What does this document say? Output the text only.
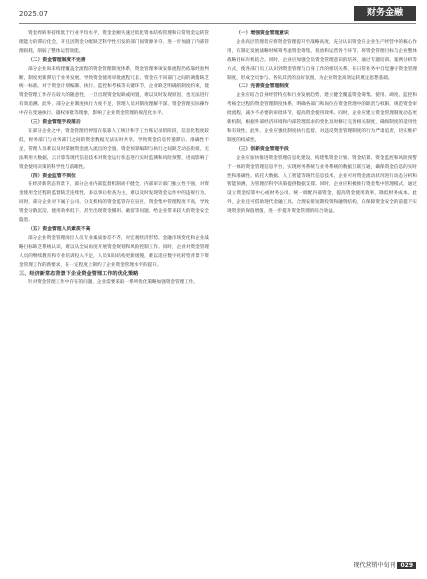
2025.07	财务金融

资金周转率持续低于行业平均水平，资金金额失速过低化资本结构管理和日常资金运转管理能力的滞后化会，开且因资金分配缺乏科学性引发的部门间资源争夺，进一步加剧了内部管理损耗，削弱了整体运营效能。

（二）资金管理制度不完善

部分企业尚未构建覆盖全流程的资金管理制度体系，资金管理事项安排流程仍依靠经验判断，制度更新滞后于业务发展，导致资金使用审批流程冗长，资金在不同部门之间的调拨缺乏统一标准。对于资金计划编制、执行、监控和考核等关键环节，企业缺乏明确的制度约束，使资金管理工作存在较大的随意性，一旦出现资金短缺或闲置，难以及时发现原因，也无法进行有效追溯。此外，部分企业制度执行力度不足，管理人员对制度理解不深，资金管理实际操作中存在变通执行、越权审批等现象，影响了企业资金管理的规范化水平。

（三）资金管理手段落后

在部分企业之中，资金管理仍停留在依靠人工统计和手工台账记录的阶段，信息化程度较低，财务部门与业务部门之间的资金数据无法实时共享，导致资金信息传递滞后、准确性不足，管理人员难以及时掌握资金流入流出的全貌，资金预算编制与执行之间缺乏动态衔接，无法利用大数据、云计算等现代信息技术对资金运行状态进行实时监测和风险预警，进而影响了资金使用决策的科学性与前瞻性。

（四）资金监管不到位

在经济新常态背景下，部分企业内部监督机制尚不健全，内部审计部门独立性不强，对资金使用全过程的监督缺乏连续性，多以事后检查为主，难以及时发现资金运作中的违规行为。同时，部分企业对下属子公司、分支机构的资金监管存在盲区，资金集中管理程度不高，导致资金分散沉淀、使用效率低下，甚至出现资金挪用、截留等问题，给企业带来较大的资金安全隐患。

（五）资金管理人员素质不高

部分企业资金管理岗位人员专业素质参差不齐，对宏观经济形势、金融市场变化和企业战略目标缺乏系统认识，难以从全局角度开展资金规划和风险控制工作。同时，企业对资金管理人员的继续教育和专业培训投入不足，人员知识结构更新缓慢，难以适应数字化转型背景下资金管理工作的新要求，在一定程度上制约了企业资金管理水平的提升。

三、经济新常态背景下企业资金管理工作的优化策略

针对资金管理工作中存在的问题，企业需要采取一系列优化策略加强资金管理工作。

（一）增强资金管理意识

企业高层管理者应将资金管理提升至战略高度，充分认识资金在企业生产经营中的核心作用，在制定发展战略时统筹考虑资金筹集、投放和运营各个环节，将资金管理目标与企业整体战略目标有机结合。同时，企业应加强全员资金管理意识的培养，通过专题培训、案例分析等方式，使各部门员工认识到资金管理与自身工作的密切关系，在日常业务中自觉遵守资金管理制度，形成全员参与、各负其责的良好氛围，为企业资金高效运转奠定思想基础。

（二）完善资金管理制度

企业应结合自身经营特点和行业发展趋势，建立健全覆盖资金筹集、使用、调度、监控和考核全过程的资金管理制度体系，明确各部门和岗位在资金管理中的职责与权限，规范资金审批流程，减少不必要的审批环节，提高资金使用效率。同时，企业应建立资金管理制度动态更新机制，根据外部经济环境和内部管理需求的变化及时修订完善相关制度，确保制度的适用性和有效性。此外，企业应强化制度执行监督，对违反资金管理制度的行为严肃追责，切实维护制度的权威性。

（三）创新资金管理手段

企业应加快推进资金管理信息化建设，构建集资金计划、资金结算、资金监控和风险预警于一体的资金管理信息平台，实现财务系统与业务系统的数据互联互通，确保资金信息的实时性和准确性。依托大数据、人工智能等现代信息技术，企业可对资金流动状况进行动态分析和智能预测，为管理层科学决策提供数据支撑。同时，企业应积极推行资金集中管理模式，通过设立资金结算中心或财务公司，统一调配内部资金，提高资金使用效率，降低财务成本。此外，企业还可借助现代金融工具，合理安排短期投资和融资结构，在保障资金安全的前提下实现资金的保值增值，进一步提升资金管理的综合效益。

现代营销中旬刊 029
